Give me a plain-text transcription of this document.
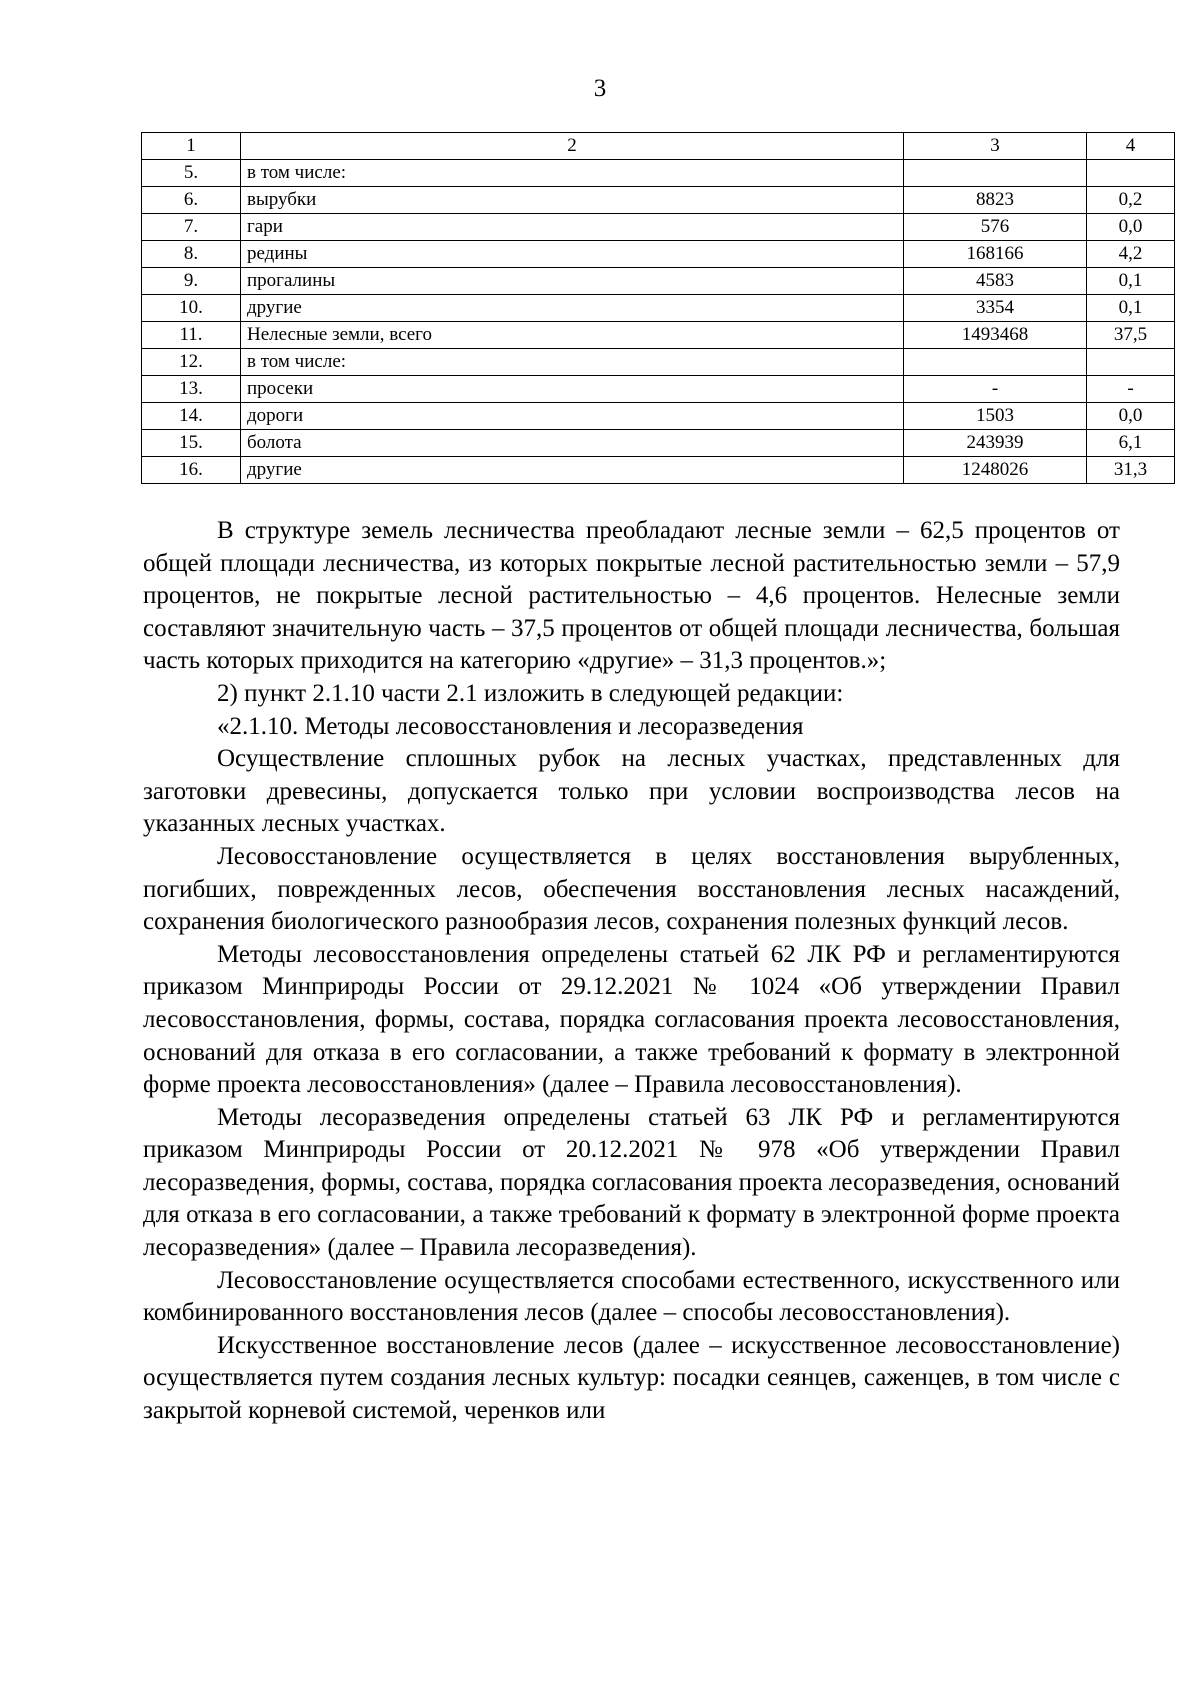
3
1	2	3	4
5.	в том числе:		
6.	вырубки	8823	0,2
7.	гари	576	0,0
8.	редины	168166	4,2
9.	прогалины	4583	0,1
10.	другие	3354	0,1
11.	Нелесные земли, всего	1493468	37,5
12.	в том числе:		
13.	просеки	-	-
14.	дороги	1503	0,0
15.	болота	243939	6,1
16.	другие	1248026	31,3

В структуре земель лесничества преобладают лесные земли – 62,5 процентов от общей площади лесничества, из которых покрытые лесной растительностью земли – 57,9 процентов, не покрытые лесной растительностью – 4,6 процентов. Нелесные земли составляют значительную часть – 37,5 процентов от общей площади лесничества, большая часть которых приходится на категорию «другие» – 31,3 процентов.»;

2) пункт 2.1.10 части 2.1 изложить в следующей редакции:

«2.1.10. Методы лесовосстановления и лесоразведения

Осуществление сплошных рубок на лесных участках, представленных для заготовки древесины, допускается только при условии воспроизводства лесов на указанных лесных участках.

Лесовосстановление осуществляется в целях восстановления вырубленных, погибших, поврежденных лесов, обеспечения восстановления лесных насаждений, сохранения биологического разнообразия лесов, сохранения полезных функций лесов.

Методы лесовосстановления определены статьей 62 ЛК РФ и регламентируются приказом Минприроды России от 29.12.2021 № 1024 «Об утверждении Правил лесовосстановления, формы, состава, порядка согласования проекта лесовосстановления, оснований для отказа в его согласовании, а также требований к формату в электронной форме проекта лесовосстановления» (далее – Правила лесовосстановления).

Методы лесоразведения определены статьей 63 ЛК РФ и регламентируются приказом Минприроды России от 20.12.2021 № 978 «Об утверждении Правил лесоразведения, формы, состава, порядка согласования проекта лесоразведения, оснований для отказа в его согласовании, а также требований к формату в электронной форме проекта лесоразведения» (далее – Правила лесоразведения).

Лесовосстановление осуществляется способами естественного, искусственного или комбинированного восстановления лесов (далее – способы лесовосстановления).

Искусственное восстановление лесов (далее – искусственное лесовосстановление) осуществляется путем создания лесных культур: посадки сеянцев, саженцев, в том числе с закрытой корневой системой, черенков или
